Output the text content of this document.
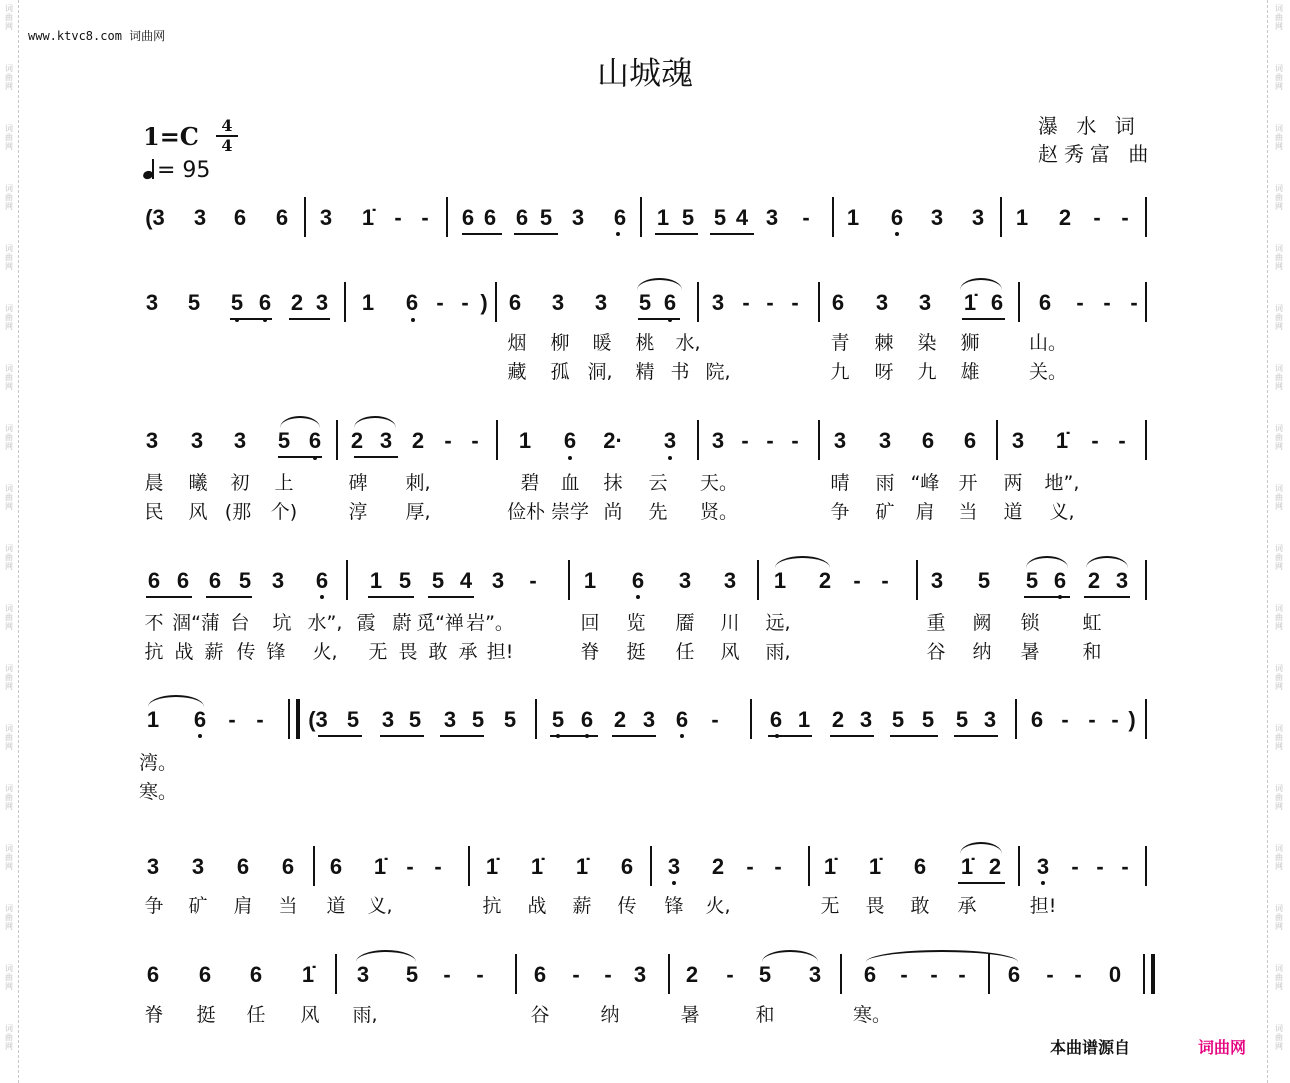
词
曲
网
词
曲
网
词
曲
网
词
曲
网
词
曲
网
词
曲
网
词
曲
网
词
曲
网
词
曲
网
词
曲
网
词
曲
网
词
曲
网
词
曲
网
词
曲
网
词
曲
网
词
曲
网
词
曲
网
词
曲
网
词
曲
网
词
曲
网
词
曲
网
词
曲
网
词
曲
网
词
曲
网
词
曲
网
词
曲
网
词
曲
网
词
曲
网
词
曲
网
词
曲
网
词
曲
网
词
曲
网
词
曲
网
词
曲
网
词
曲
网
词
曲
网
www.ktvc8.com 词曲网
山城魂
1=C	4
4
= 95
瀑 水 词
赵秀富 曲
(3 3 6 6 3 1̇ - - 6 6 6 5 3 6 1 5 5 4 3 - 1 6 3 3 1 2 - -
3 5 5 6 2 3 1 6 - - ) 6 3 3 5 6 3 - - - 6 3 3 1̇ 6 6 - - -
3 3 3 5 6 2 3 2 - - 1 6 2· 3 3 - - - 3 3 6 6 3 1̇ - -
6 6 6 5 3 6 1 5 5 4 3 - 1 6 3 3 1 2 - - 3 5 5 6 2 3
1 6 - - (3 5 3 5 3 5 5 5 6 2 3 6 - 6 1 2 3 5 5 5 3 6 - - - )
3 3 6 6 6 1̇ - - 1̇ 1̇ 1̇ 6 3 2 - - 1̇ 1̇ 6 1̇ 2 3 - - -
6 6 6 1̇ 3 5 - - 6 - - 3 2 - 5 3 6 - - - 6 - - 0
烟 柳 暖 桃 水,	青 棘 染 狮	山。
藏 孤 洞, 精 书 院,	九 呀 九 雄	关。
晨 曦 初 上	碑 刺,	碧 血 抹 云 天。	晴 雨 “峰 开 两 地”,
民 风 (那 个)	淳 厚,	俭朴 崇学 尚 先 贤。	争 矿 肩 当 道 义,
不 涸“蒲 台 坑 水”, 霞 蔚 觅“禅 岩”。	回 览 靥 川 远,	重 阙 锁 虹
抗 战 薪 传 锋 火, 无 畏 敢 承 担!	脊 挺 任 风 雨,	谷 纳 暑 和
湾。
寒。
争 矿 肩 当 道 义,	抗 战 薪 传 锋 火,	无 畏 敢 承	担!
脊 挺 任 风 雨,	谷	纳	暑	和	寒。
本曲谱源自	词曲网
